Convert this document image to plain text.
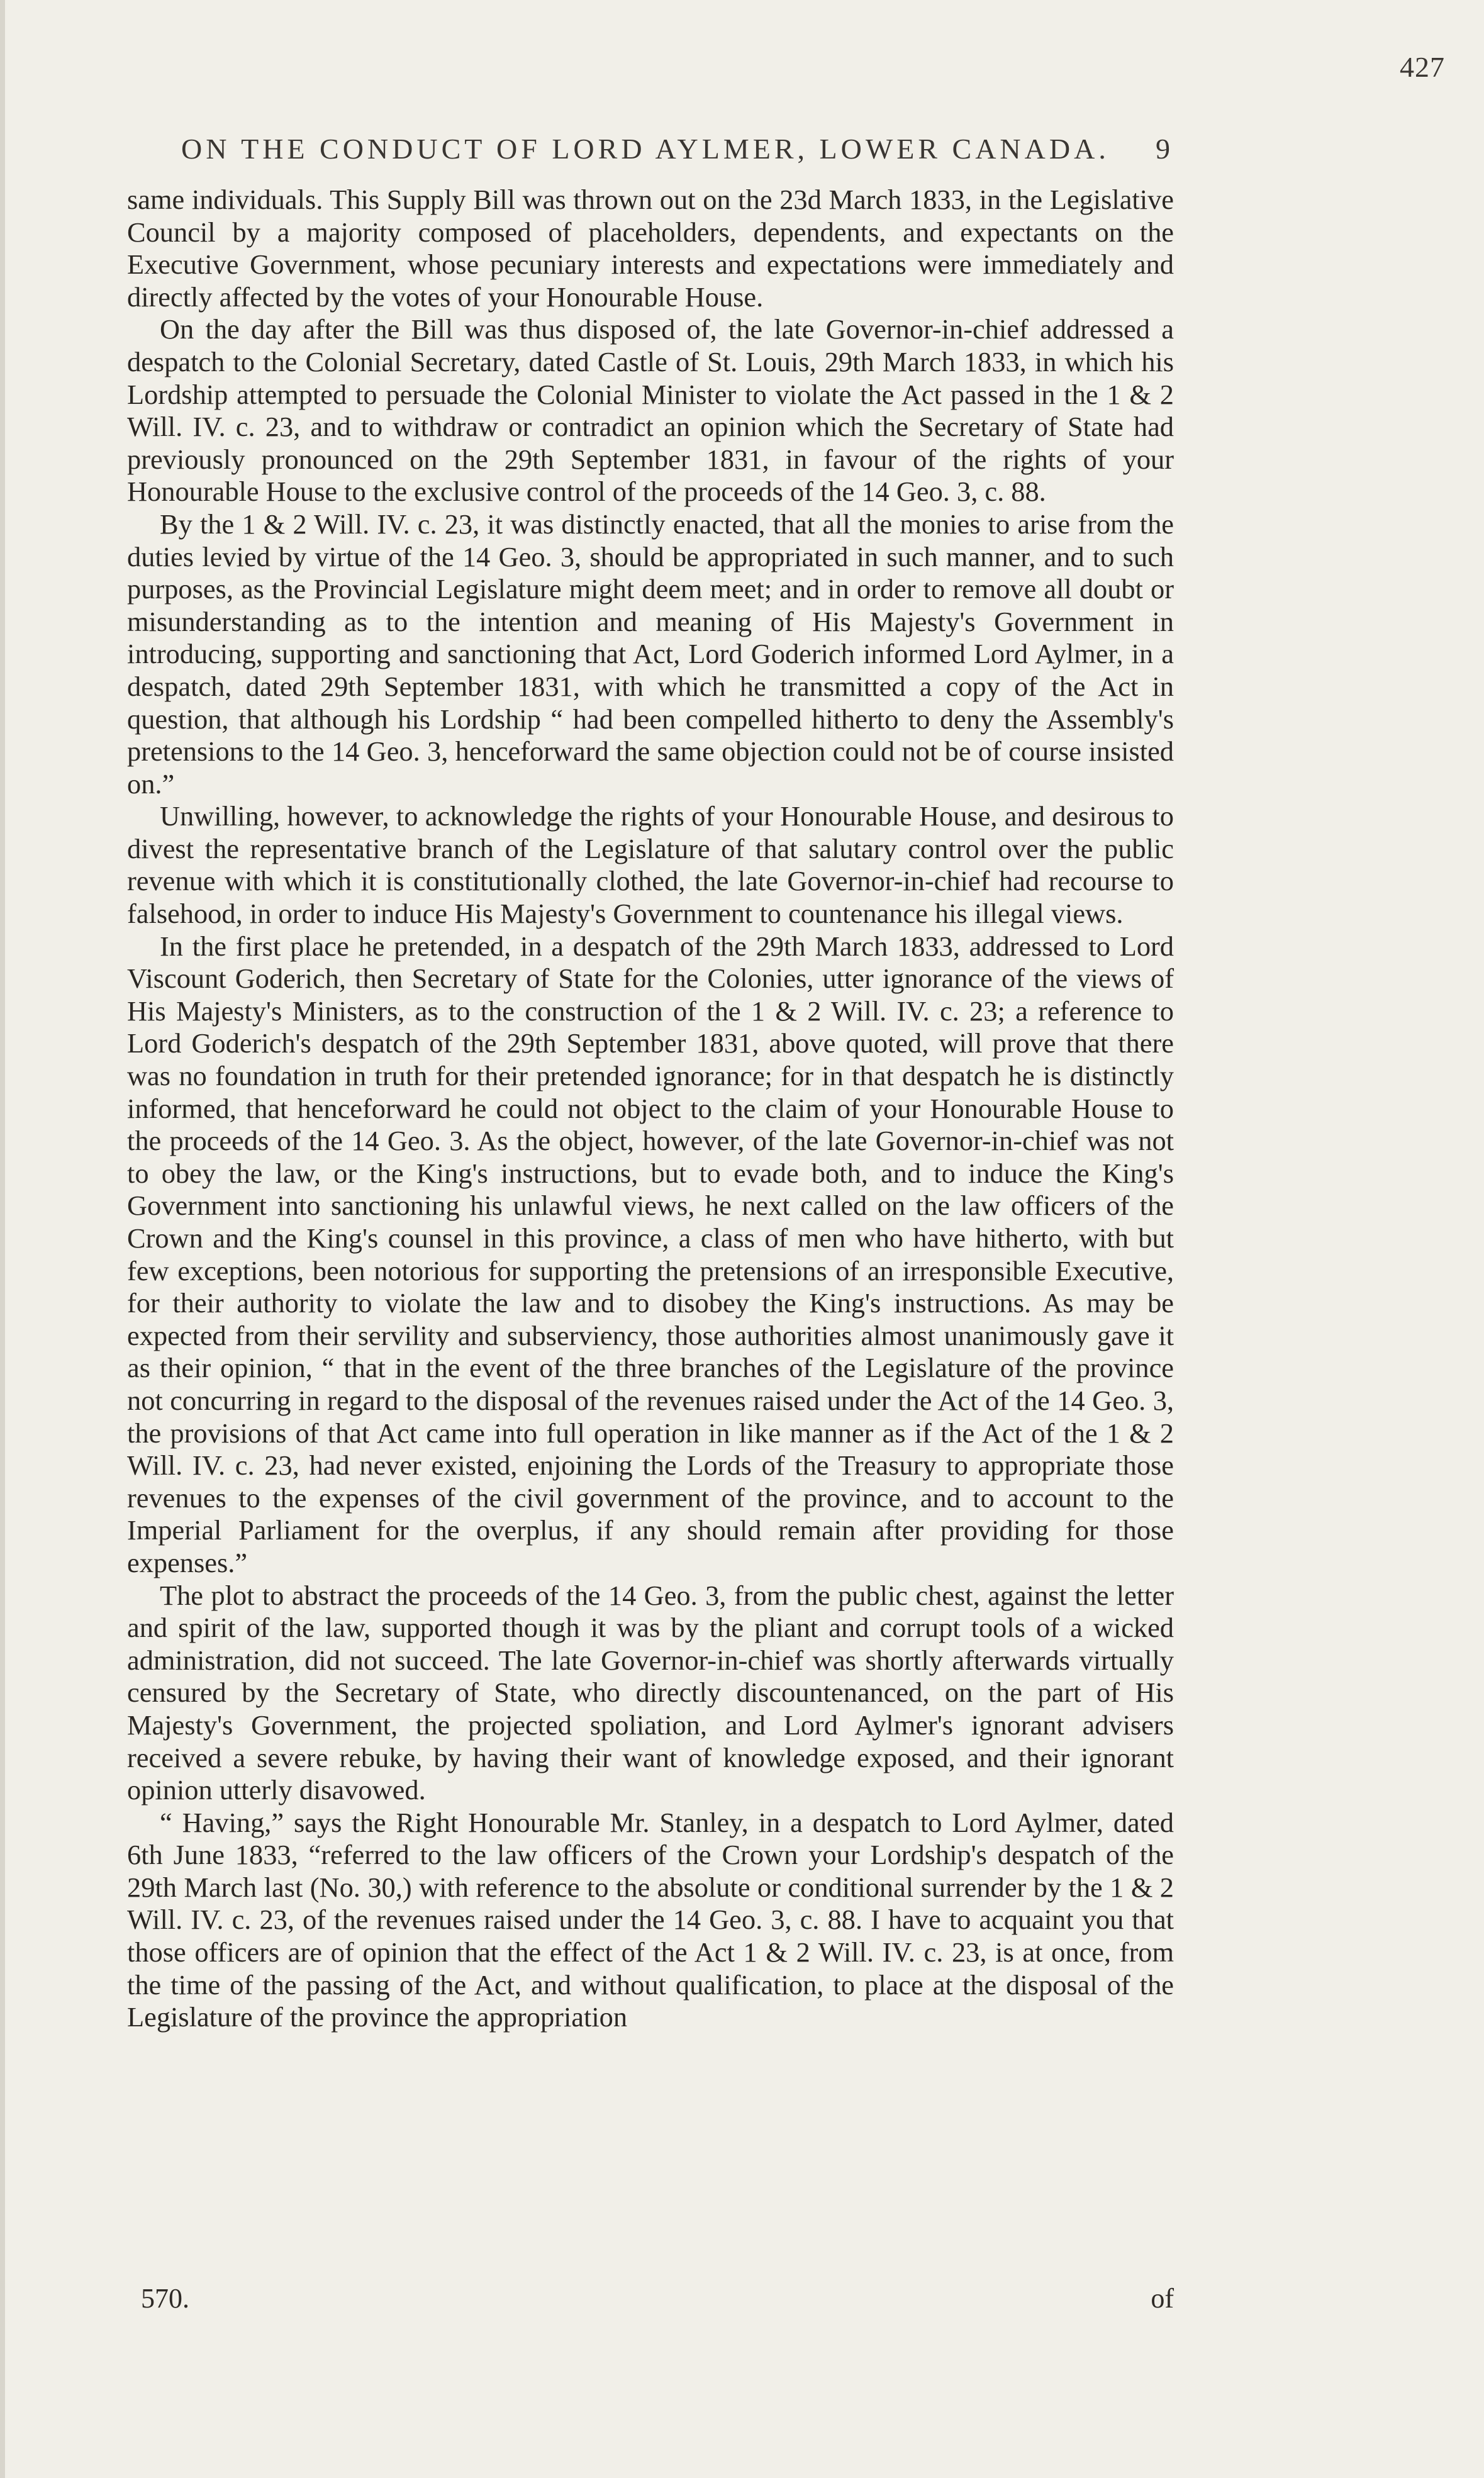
427
ON THE CONDUCT OF LORD AYLMER, LOWER CANADA. 9

same individuals. This Supply Bill was thrown out on the 23d March 1833, in the Legislative Council by a majority composed of placeholders, dependents, and expectants on the Executive Government, whose pecuniary interests and expectations were immediately and directly affected by the votes of your Honourable House.

On the day after the Bill was thus disposed of, the late Governor-in-chief addressed a despatch to the Colonial Secretary, dated Castle of St. Louis, 29th March 1833, in which his Lordship attempted to persuade the Colonial Minister to violate the Act passed in the 1 & 2 Will. IV. c. 23, and to withdraw or contradict an opinion which the Secretary of State had previously pronounced on the 29th September 1831, in favour of the rights of your Honourable House to the exclusive control of the proceeds of the 14 Geo. 3, c. 88.

By the 1 & 2 Will. IV. c. 23, it was distinctly enacted, that all the monies to arise from the duties levied by virtue of the 14 Geo. 3, should be appropriated in such manner, and to such purposes, as the Provincial Legislature might deem meet; and in order to remove all doubt or misunderstanding as to the intention and meaning of His Majesty's Government in introducing, supporting and sanctioning that Act, Lord Goderich informed Lord Aylmer, in a despatch, dated 29th September 1831, with which he transmitted a copy of the Act in question, that although his Lordship “ had been compelled hitherto to deny the Assembly's pretensions to the 14 Geo. 3, henceforward the same objection could not be of course insisted on.”

Unwilling, however, to acknowledge the rights of your Honourable House, and desirous to divest the representative branch of the Legislature of that salutary control over the public revenue with which it is constitutionally clothed, the late Governor-in-chief had recourse to falsehood, in order to induce His Majesty's Government to countenance his illegal views.

In the first place he pretended, in a despatch of the 29th March 1833, addressed to Lord Viscount Goderich, then Secretary of State for the Colonies, utter ignorance of the views of His Majesty's Ministers, as to the construction of the 1 & 2 Will. IV. c. 23; a reference to Lord Goderich's despatch of the 29th September 1831, above quoted, will prove that there was no foundation in truth for their pretended ignorance; for in that despatch he is distinctly informed, that henceforward he could not object to the claim of your Honourable House to the proceeds of the 14 Geo. 3. As the object, however, of the late Governor-in-chief was not to obey the law, or the King's instructions, but to evade both, and to induce the King's Government into sanctioning his unlawful views, he next called on the law officers of the Crown and the King's counsel in this province, a class of men who have hitherto, with but few exceptions, been notorious for supporting the pretensions of an irresponsible Executive, for their authority to violate the law and to disobey the King's instructions. As may be expected from their servility and subserviency, those authorities almost unanimously gave it as their opinion, “ that in the event of the three branches of the Legislature of the province not concurring in regard to the disposal of the revenues raised under the Act of the 14 Geo. 3, the provisions of that Act came into full operation in like manner as if the Act of the 1 & 2 Will. IV. c. 23, had never existed, enjoining the Lords of the Treasury to appropriate those revenues to the expenses of the civil government of the province, and to account to the Imperial Parliament for the overplus, if any should remain after providing for those expenses.”

The plot to abstract the proceeds of the 14 Geo. 3, from the public chest, against the letter and spirit of the law, supported though it was by the pliant and corrupt tools of a wicked administration, did not succeed. The late Governor-in-chief was shortly afterwards virtually censured by the Secretary of State, who directly discountenanced, on the part of His Majesty's Government, the projected spoliation, and Lord Aylmer's ignorant advisers received a severe rebuke, by having their want of knowledge exposed, and their ignorant opinion utterly disavowed.

“ Having,” says the Right Honourable Mr. Stanley, in a despatch to Lord Aylmer, dated 6th June 1833, “referred to the law officers of the Crown your Lordship's despatch of the 29th March last (No. 30,) with reference to the absolute or conditional surrender by the 1 & 2 Will. IV. c. 23, of the revenues raised under the 14 Geo. 3, c. 88. I have to acquaint you that those officers are of opinion that the effect of the Act 1 & 2 Will. IV. c. 23, is at once, from the time of the passing of the Act, and without qualification, to place at the disposal of the Legislature of the province the appropriation

570.	of
